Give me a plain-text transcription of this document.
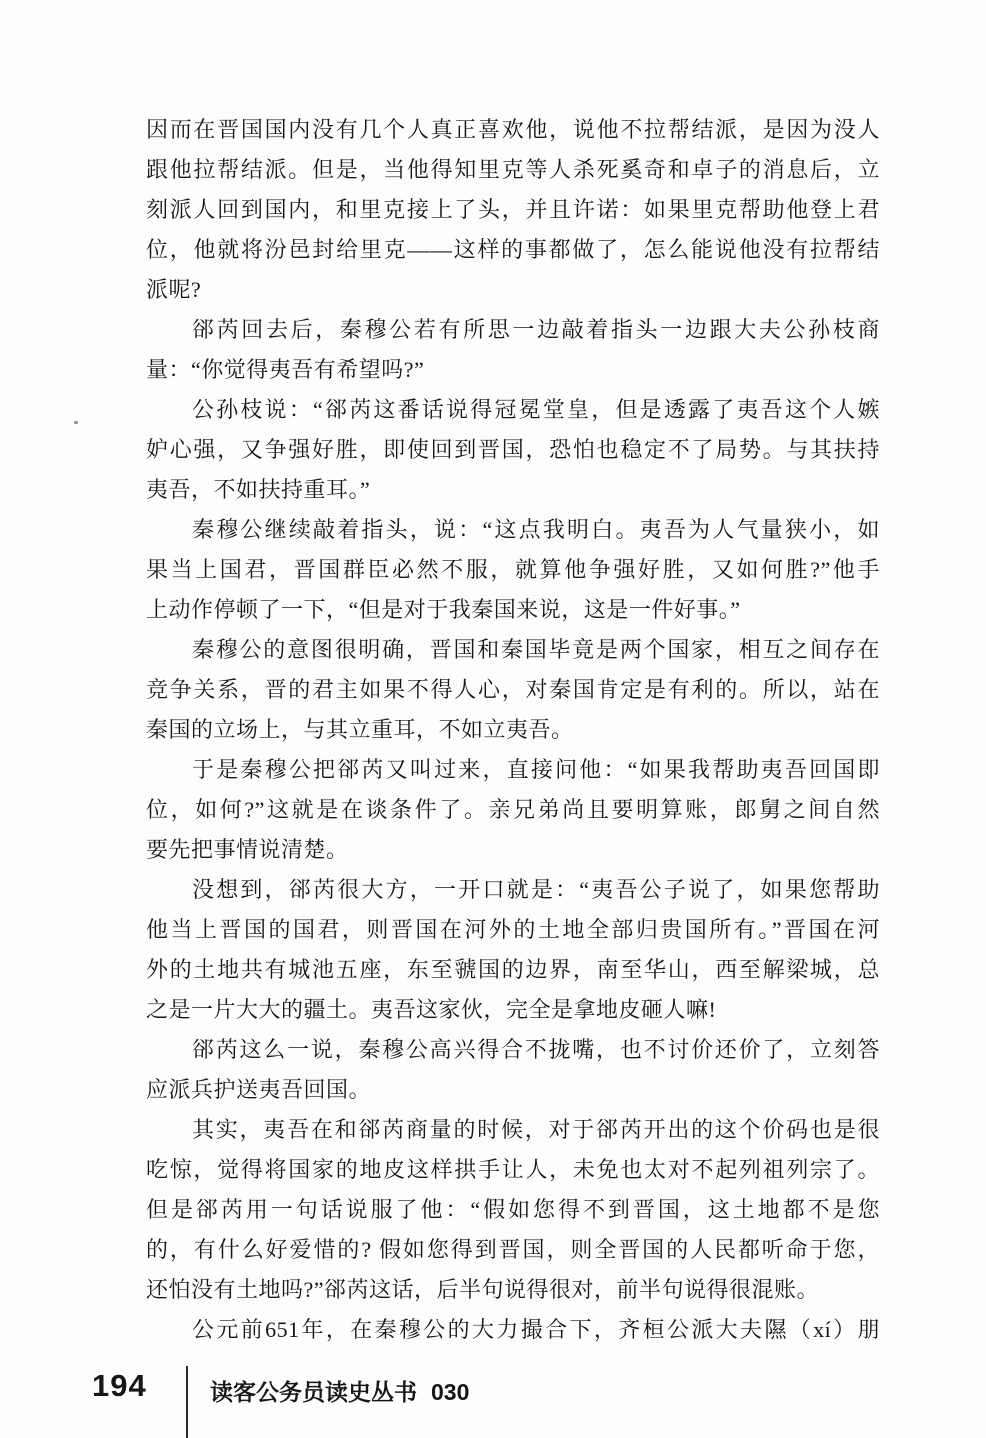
因而在晋国国内没有几个人真正喜欢他，说他不拉帮结派，是因为没人
跟他拉帮结派。但是，当他得知里克等人杀死奚奇和卓子的消息后，立
刻派人回到国内，和里克接上了头，并且许诺：如果里克帮助他登上君
位，他就将汾邑封给里克——这样的事都做了，怎么能说他没有拉帮结
派呢?
郤芮回去后，秦穆公若有所思一边敲着指头一边跟大夫公孙枝商
量：“你觉得夷吾有希望吗?”
公孙枝说：“郤芮这番话说得冠冕堂皇，但是透露了夷吾这个人嫉
妒心强，又争强好胜，即使回到晋国，恐怕也稳定不了局势。与其扶持
夷吾，不如扶持重耳。”
秦穆公继续敲着指头，说：“这点我明白。夷吾为人气量狭小，如
果当上国君，晋国群臣必然不服，就算他争强好胜，又如何胜?”他手
上动作停顿了一下，“但是对于我秦国来说，这是一件好事。”
秦穆公的意图很明确，晋国和秦国毕竟是两个国家，相互之间存在
竞争关系，晋的君主如果不得人心，对秦国肯定是有利的。所以，站在
秦国的立场上，与其立重耳，不如立夷吾。
于是秦穆公把郤芮又叫过来，直接问他：“如果我帮助夷吾回国即
位，如何?”这就是在谈条件了。亲兄弟尚且要明算账，郎舅之间自然
要先把事情说清楚。
没想到，郤芮很大方，一开口就是：“夷吾公子说了，如果您帮助
他当上晋国的国君，则晋国在河外的土地全部归贵国所有。”晋国在河
外的土地共有城池五座，东至虢国的边界，南至华山，西至解梁城，总
之是一片大大的疆土。夷吾这家伙，完全是拿地皮砸人嘛!
郤芮这么一说，秦穆公高兴得合不拢嘴，也不讨价还价了，立刻答
应派兵护送夷吾回国。
其实，夷吾在和郤芮商量的时候，对于郤芮开出的这个价码也是很
吃惊，觉得将国家的地皮这样拱手让人，未免也太对不起列祖列宗了。
但是郤芮用一句话说服了他：“假如您得不到晋国，这土地都不是您
的，有什么好爱惜的? 假如您得到晋国，则全晋国的人民都听命于您，
还怕没有土地吗?”郤芮这话，后半句说得很对，前半句说得很混账。
公元前651年，在秦穆公的大力撮合下，齐桓公派大夫隰（xí）朋
194	读客公务员读史丛书 030
